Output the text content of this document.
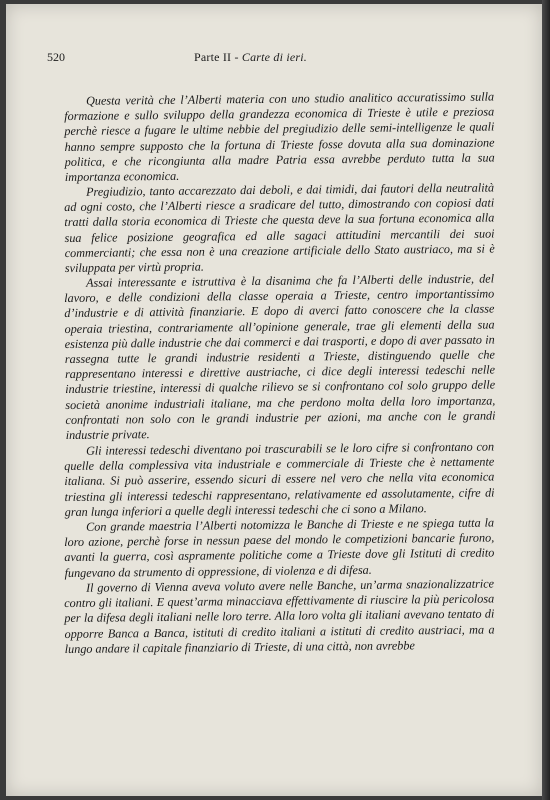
520	Parte II - Carte di ieri.

Questa verità che l’Alberti materia con uno studio analitico accuratissimo sulla formazione e sullo sviluppo della grandezza economica di Trieste è utile e preziosa perchè riesce a fugare le ultime nebbie del pregiudizio delle semi-intelligenze le quali hanno sempre supposto che la fortuna di Trieste fosse dovuta alla sua dominazione politica, e che ricongiunta alla madre Patria essa avrebbe perduto tutta la sua importanza economica.

Pregiudizio, tanto accarezzato dai deboli, e dai timidi, dai fautori della neutralità ad ogni costo, che l’Alberti riesce a sradicare del tutto, dimostrando con copiosi dati tratti dalla storia economica di Trieste che questa deve la sua fortuna economica alla sua felice posizione geografica ed alle sagaci attitudini mercantili dei suoi commercianti; che essa non è una creazione artificiale dello Stato austriaco, ma si è sviluppata per virtù propria.

Assai interessante e istruttiva è la disanima che fa l’Alberti delle industrie, del lavoro, e delle condizioni della classe operaia a Trieste, centro importantissimo d’industrie e di attività finanziarie. E dopo di averci fatto conoscere che la classe operaia triestina, contrariamente all’opinione generale, trae gli elementi della sua esistenza più dalle industrie che dai commerci e dai trasporti, e dopo di aver passato in rassegna tutte le grandi industrie residenti a Trieste, distinguendo quelle che rappresentano interessi e direttive austriache, ci dice degli interessi tedeschi nelle industrie triestine, interessi di qualche rilievo se si confrontano col solo gruppo delle società anonime industriali italiane, ma che perdono molta della loro importanza, confrontati non solo con le grandi industrie per azioni, ma anche con le grandi industrie private.

Gli interessi tedeschi diventano poi trascurabili se le loro cifre si confrontano con quelle della complessiva vita industriale e commerciale di Trieste che è nettamente italiana. Si può asserire, essendo sicuri di essere nel vero che nella vita economica triestina gli interessi tedeschi rappresentano, relativamente ed assolutamente, cifre di gran lunga inferiori a quelle degli interessi tedeschi che ci sono a Milano.

Con grande maestria l’Alberti notomizza le Banche di Trieste e ne spiega tutta la loro azione, perchè forse in nessun paese del mondo le competizioni bancarie furono, avanti la guerra, così aspramente politiche come a Trieste dove gli Istituti di credito fungevano da strumento di oppressione, di violenza e di difesa.

Il governo di Vienna aveva voluto avere nelle Banche, un’arma snazionalizzatrice contro gli italiani. E quest’arma minacciava effettivamente di riuscire la più pericolosa per la difesa degli italiani nelle loro terre. Alla loro volta gli italiani avevano tentato di opporre Banca a Banca, istituti di credito italiani a istituti di credito austriaci, ma a lungo andare il capitale finanziario di Trieste, di una città, non avrebbe
